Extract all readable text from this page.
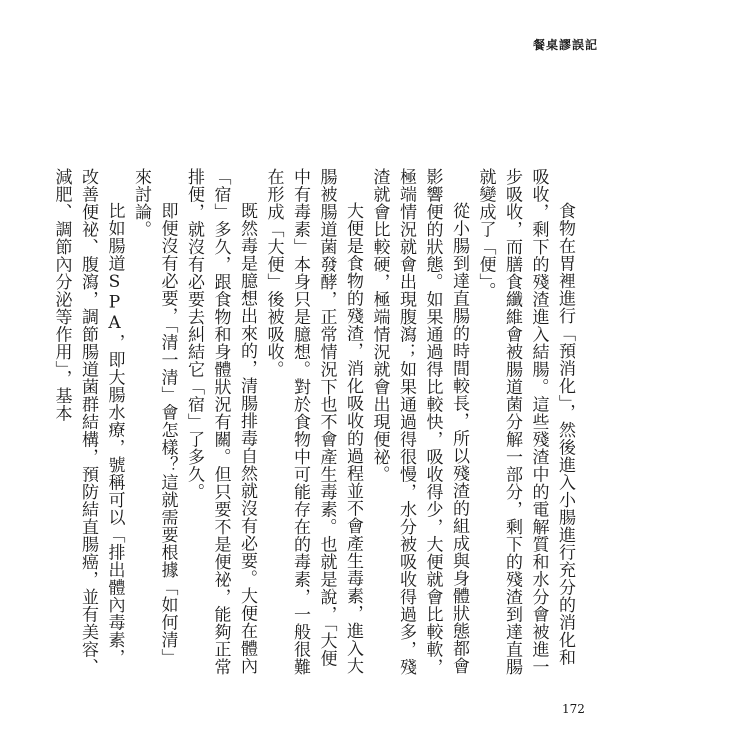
餐桌謬誤記

食物在胃裡進行「預消化」，然後進入小腸進行充分的消化和吸收，剩下的殘渣進入結腸。這些殘渣中的電解質和水分會被進一步吸收，而膳食纖維會被腸道菌分解一部分，剩下的殘渣到達直腸就變成了「便」。

從小腸到達直腸的時間較長，所以殘渣的組成與身體狀態都會影響便的狀態。如果通過得比較快，吸收得少，大便就會比較軟，極端情況就會出現腹瀉；如果通過得很慢，水分被吸收得過多，殘渣就會比較硬，極端情況就會出現便祕。

大便是食物的殘渣，消化吸收的過程並不會產生毒素，進入大腸被腸道菌發酵，正常情況下也不會產生毒素。也就是說，「大便中有毒素」本身只是臆想。對於食物中可能存在的毒素，一般很難在形成「大便」後被吸收。

既然毒是臆想出來的，清腸排毒自然就沒有必要。大便在體內「宿」多久，跟食物和身體狀況有關。但只要不是便祕，能夠正常排便，就沒有必要去糾結它「宿」了多久。

即便沒有必要，「清一清」會怎樣？這就需要根據「如何清」來討論。

比如腸道SPA，即大腸水療，號稱可以「排出體內毒素，改善便祕、腹瀉，調節腸道菌群結構，預防結直腸癌，並有美容、減肥、調節內分泌等作用」，基本

172
